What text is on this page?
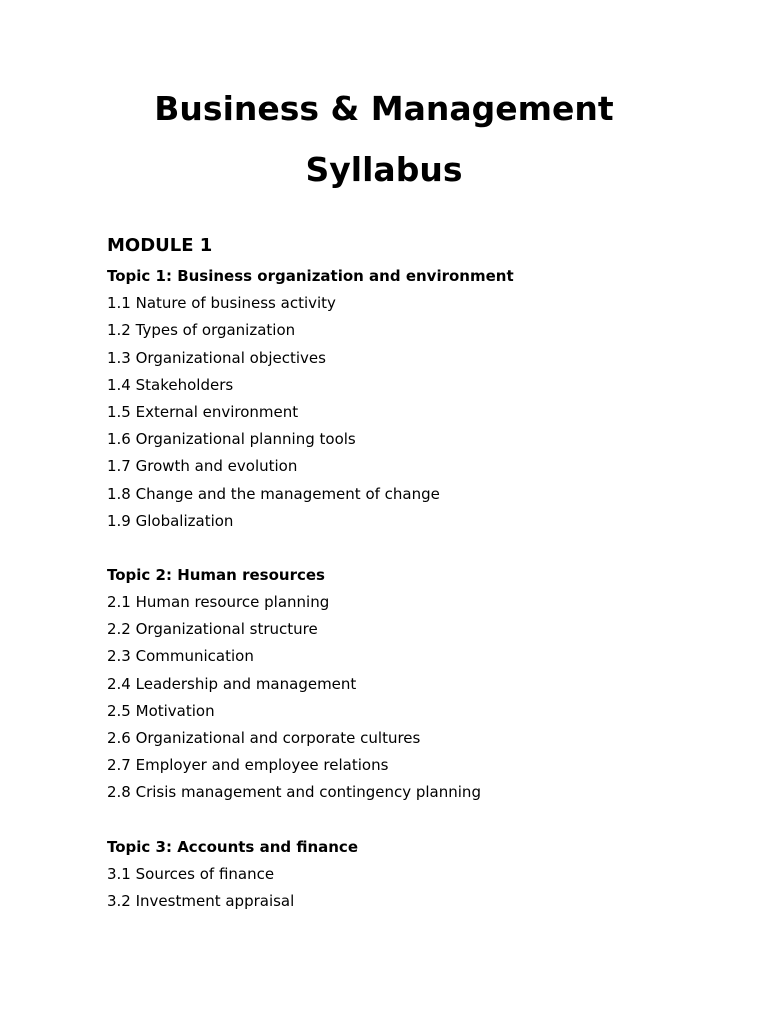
Business & Management
Syllabus
MODULE 1
Topic 1: Business organization and environment
1.1 Nature of business activity
1.2 Types of organization
1.3 Organizational objectives
1.4 Stakeholders
1.5 External environment
1.6 Organizational planning tools
1.7 Growth and evolution
1.8 Change and the management of change
1.9 Globalization
Topic 2: Human resources
2.1 Human resource planning
2.2 Organizational structure
2.3 Communication
2.4 Leadership and management
2.5 Motivation
2.6 Organizational and corporate cultures
2.7 Employer and employee relations
2.8 Crisis management and contingency planning
Topic 3: Accounts and finance
3.1 Sources of finance
3.2 Investment appraisal
